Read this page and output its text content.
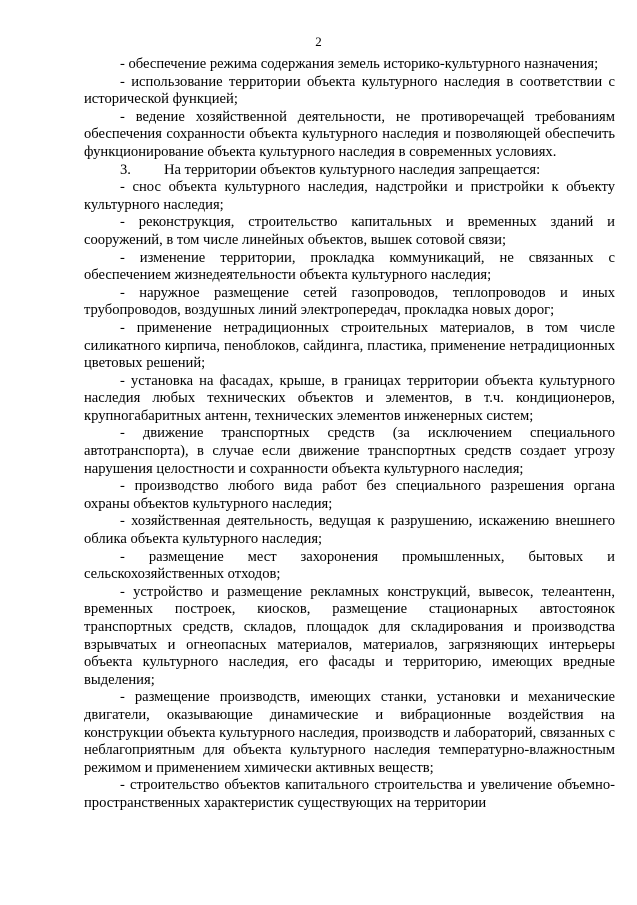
2

- обеспечение режима содержания земель историко-культурного назначения;

- использование территории объекта культурного наследия в соответствии с исторической функцией;

- ведение хозяйственной деятельности, не противоречащей требованиям обеспечения сохранности объекта культурного наследия и позволяющей обеспечить функционирование объекта культурного наследия в современных условиях.

3. На территории объектов культурного наследия запрещается:

- снос объекта культурного наследия, надстройки и пристройки к объекту культурного наследия;

- реконструкция, строительство капитальных и временных зданий и сооружений, в том числе линейных объектов, вышек сотовой связи;

- изменение территории, прокладка коммуникаций, не связанных с обеспечением жизнедеятельности объекта культурного наследия;

- наружное размещение сетей газопроводов, теплопроводов и иных трубопроводов, воздушных линий электропередач, прокладка новых дорог;

- применение нетрадиционных строительных материалов, в том числе силикатного кирпича, пеноблоков, сайдинга, пластика, применение нетрадиционных цветовых решений;

- установка на фасадах, крыше, в границах территории объекта культурного наследия любых технических объектов и элементов, в т.ч. кондиционеров, крупногабаритных антенн, технических элементов инженерных систем;

- движение транспортных средств (за исключением специального автотранспорта), в случае если движение транспортных средств создает угрозу нарушения целостности и сохранности объекта культурного наследия;

- производство любого вида работ без специального разрешения органа охраны объектов культурного наследия;

- хозяйственная деятельность, ведущая к разрушению, искажению внешнего облика объекта культурного наследия;

- размещение мест захоронения промышленных, бытовых и сельскохозяйственных отходов;

- устройство и размещение рекламных конструкций, вывесок, телеантенн, временных построек, киосков, размещение стационарных автостоянок транспортных средств, складов, площадок для складирования и производства взрывчатых и огнеопасных материалов, материалов, загрязняющих интерьеры объекта культурного наследия, его фасады и территорию, имеющих вредные выделения;

- размещение производств, имеющих станки, установки и механические двигатели, оказывающие динамические и вибрационные воздействия на конструкции объекта культурного наследия, производств и лабораторий, связанных с неблагоприятным для объекта культурного наследия температурно-влажностным режимом и применением химически активных веществ;

- строительство объектов капитального строительства и увеличение объемно-пространственных характеристик существующих на территории
